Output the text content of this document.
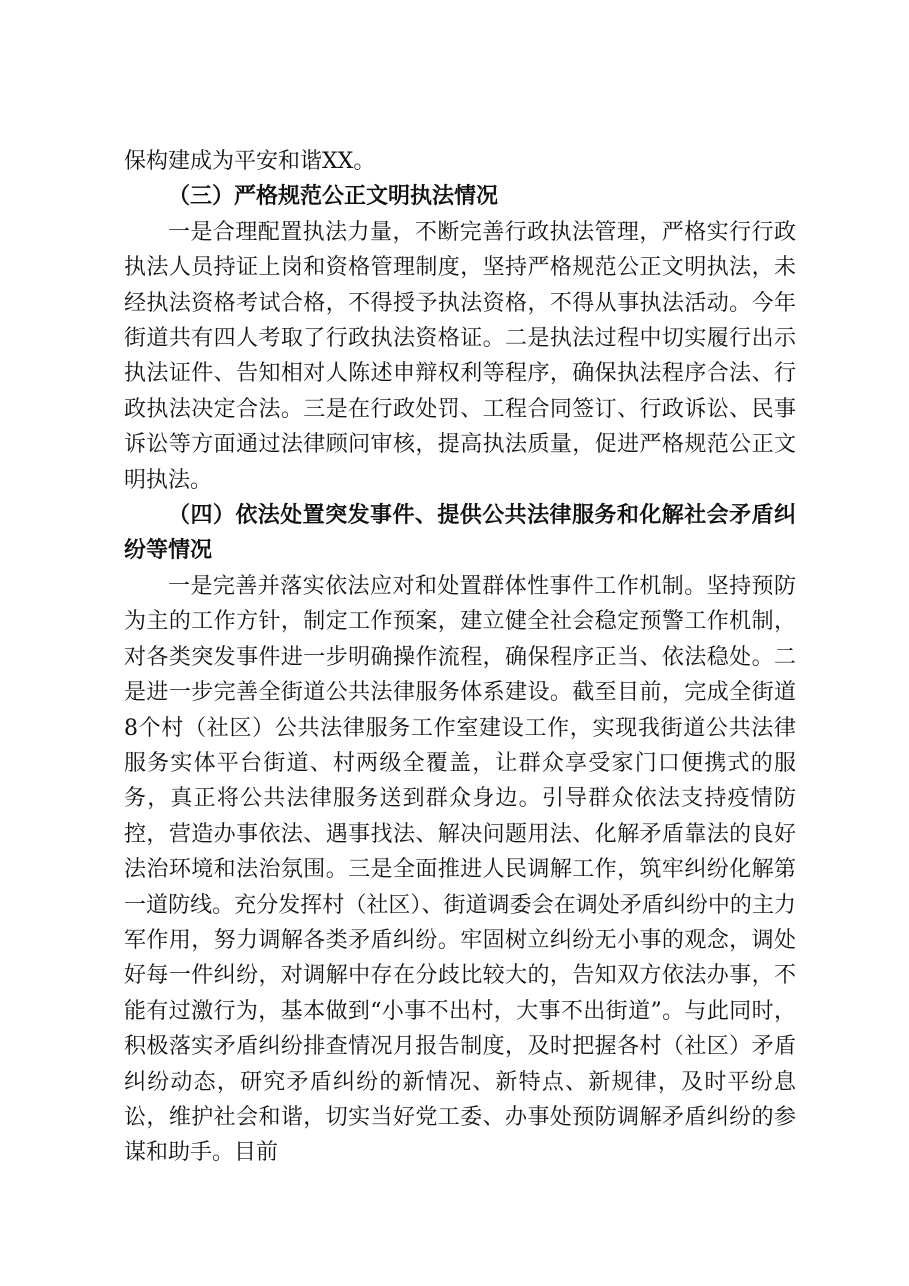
保构建成为平安和谐XX。

（三）严格规范公正文明执法情况

一是合理配置执法力量，不断完善行政执法管理，严格实行行政执法人员持证上岗和资格管理制度，坚持严格规范公正文明执法，未经执法资格考试合格，不得授予执法资格，不得从事执法活动。今年街道共有四人考取了行政执法资格证。二是执法过程中切实履行出示执法证件、告知相对人陈述申辩权利等程序，确保执法程序合法、行政执法决定合法。三是在行政处罚、工程合同签订、行政诉讼、民事诉讼等方面通过法律顾问审核，提高执法质量，促进严格规范公正文明执法。

（四）依法处置突发事件、提供公共法律服务和化解社会矛盾纠纷等情况

一是完善并落实依法应对和处置群体性事件工作机制。坚持预防为主的工作方针，制定工作预案，建立健全社会稳定预警工作机制，对各类突发事件进一步明确操作流程，确保程序正当、依法稳处。二是进一步完善全街道公共法律服务体系建设。截至目前，完成全街道8个村（社区）公共法律服务工作室建设工作，实现我街道公共法律服务实体平台街道、村两级全覆盖，让群众享受家门口便携式的服务，真正将公共法律服务送到群众身边。引导群众依法支持疫情防控，营造办事依法、遇事找法、解决问题用法、化解矛盾靠法的良好法治环境和法治氛围。三是全面推进人民调解工作，筑牢纠纷化解第一道防线。充分发挥村（社区）、街道调委会在调处矛盾纠纷中的主力军作用，努力调解各类矛盾纠纷。牢固树立纠纷无小事的观念，调处好每一件纠纷，对调解中存在分歧比较大的，告知双方依法办事，不能有过激行为，基本做到“小事不出村，大事不出街道”。与此同时，积极落实矛盾纠纷排查情况月报告制度，及时把握各村（社区）矛盾纠纷动态，研究矛盾纠纷的新情况、新特点、新规律，及时平纷息讼，维护社会和谐，切实当好党工委、办事处预防调解矛盾纠纷的参谋和助手。目前
